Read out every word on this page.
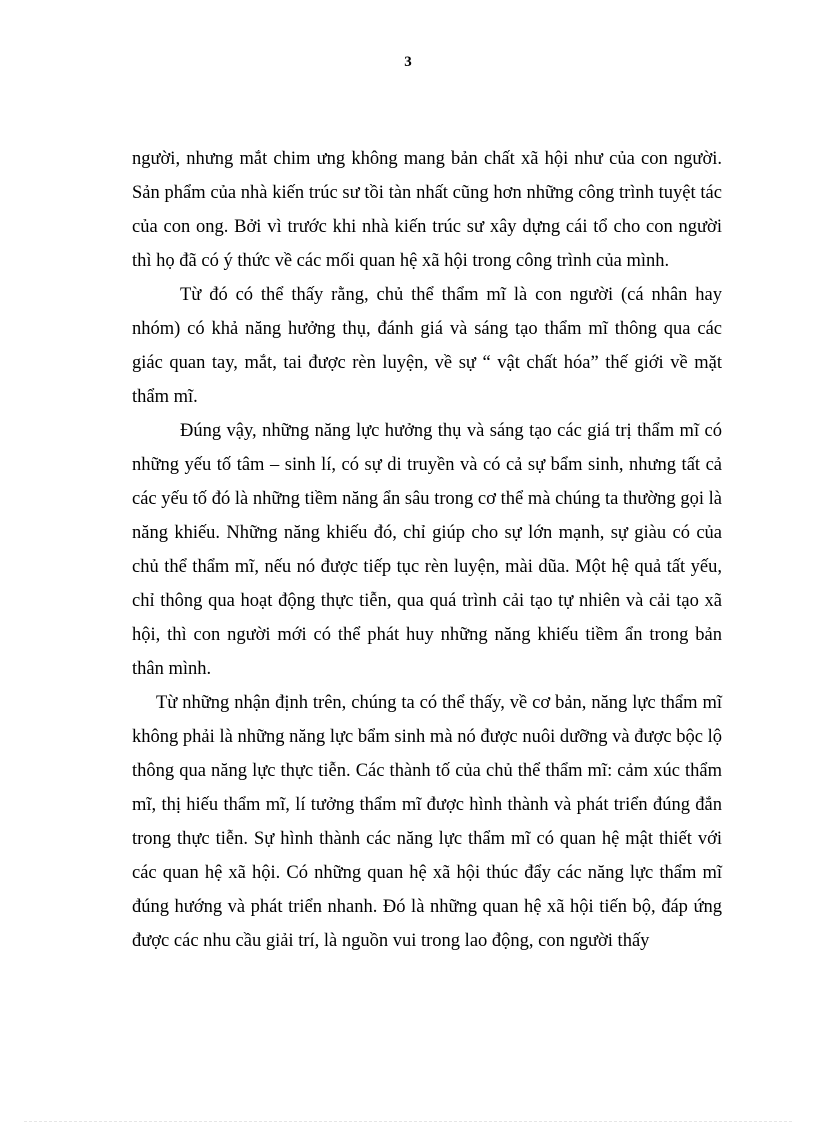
3

người, nhưng mắt chim ưng không mang bản chất xã hội như của con người. Sản phẩm của nhà kiến trúc sư tồi tàn nhất cũng hơn những công trình tuyệt tác của con ong. Bởi vì trước khi nhà kiến trúc sư xây dựng cái tổ cho con người thì họ đã có ý thức về các mối quan hệ xã hội trong công trình của mình.

Từ đó có thể thấy rằng, chủ thể thẩm mĩ là con người (cá nhân hay nhóm) có khả năng hưởng thụ, đánh giá và sáng tạo thẩm mĩ thông qua các giác quan tay, mắt, tai được rèn luyện, về sự “ vật chất hóa” thế giới về mặt thẩm mĩ.

Đúng vậy, những năng lực hưởng thụ và sáng tạo các giá trị thẩm mĩ có những yếu tố tâm – sinh lí, có sự di truyền và có cả sự bẩm sinh, nhưng tất cả các yếu tố đó là những tiềm năng ẩn sâu trong cơ thể mà chúng ta thường gọi là năng khiếu. Những năng khiếu đó, chỉ giúp cho sự lớn mạnh, sự giàu có của chủ thể thẩm mĩ, nếu nó được tiếp tục rèn luyện, mài dũa. Một hệ quả tất yếu, chỉ thông qua hoạt động thực tiễn, qua quá trình cải tạo tự nhiên và cải tạo xã hội, thì con người mới có thể phát huy những năng khiếu tiềm ẩn trong bản thân mình.

Từ những nhận định trên, chúng ta có thể thấy, về cơ bản, năng lực thẩm mĩ không phải là những năng lực bẩm sinh mà nó được nuôi dưỡng và được bộc lộ thông qua năng lực thực tiễn. Các thành tố của chủ thể thẩm mĩ: cảm xúc thẩm mĩ, thị hiếu thẩm mĩ, lí tưởng thẩm mĩ được hình thành và phát triển đúng đắn trong thực tiễn. Sự hình thành các năng lực thẩm mĩ có quan hệ mật thiết với các quan hệ xã hội. Có những quan hệ xã hội thúc đẩy các năng lực thẩm mĩ đúng hướng và phát triển nhanh. Đó là những quan hệ xã hội tiến bộ, đáp ứng được các nhu cầu giải trí, là nguồn vui trong lao động, con người thấy
